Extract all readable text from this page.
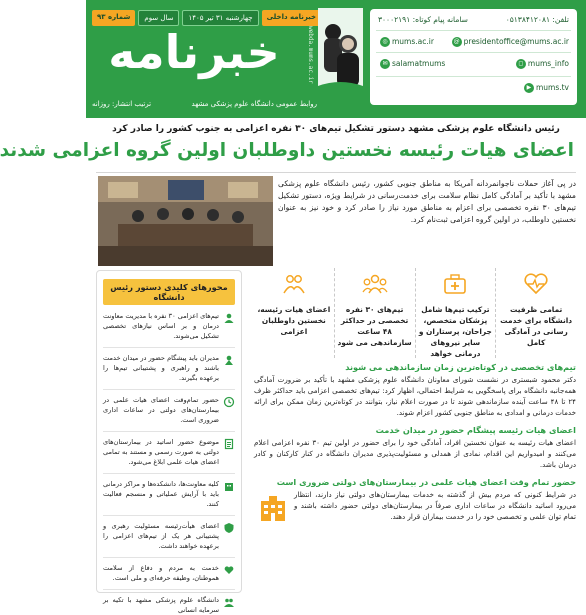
خبرنامه داخلی
چهارشنبه ۳۱ تیر ۱۴۰۵
سال سوم
شماره ۹۳
خبرنامه	webda.mums.ac.ir
روابط عمومی دانشگاه علوم پزشکی مشهد
ترتیب انتشار: روزانه
تلفن: ۰۵۱۳۸۴۱۲۰۸۱
سامانه پیام کوتاه: ۳۰۰۰۲۱۹۱
@ presidentoffice@mums.ac.ir
◎ mums.ac.ir
◻ mums_info
✉ salamatmums
▶ mums.tv
رئیس دانشگاه علوم پزشکی مشهد دستور تشکیل تیم‌های ۳۰ نفره اعزامی به جنوب کشور را صادر کرد
اعضای هیات رئیسه نخستین داوطلبان اولین گروه اعزامی شدند
در پی آغاز حملات ناجوانمردانه آمریکا به مناطق جنوبی کشور، رئیس دانشگاه علوم پزشکی مشهد با تأکید بر آمادگی کامل نظام سلامت برای خدمت‌رسانی در شرایط ویژه، دستور تشکیل تیم‌های ۳۰ نفره تخصصی برای اعزام به مناطق مورد نیاز را صادر کرد و خود نیز به عنوان نخستین داوطلب، در اولین گروه اعزامی ثبت‌نام کرد.
تمامی ظرفیت دانشگاه برای خدمت رسانی در آمادگی کامل
ترکیب تیم‌ها شامل پزشکان متخصص، جراحان، پرستاران و سایر نیروهای درمانی خواهد
تیم‌های ۳۰ نفره تخصصی در حداکثر ۴۸ ساعت سازماندهی می شود
اعضای هیات رئیسه، نخستین داوطلبان اعزامی
محورهای کلیدی دستور رئیس دانشگاه
تیم‌های اعزامی ۳۰ نفره با مدیریت معاونت درمان و بر اساس نیازهای تخصصی تشکیل می‌شوند.
مدیران باید پیشگام حضور در میدان خدمت باشند و راهبری و پشتیبانی تیم‌ها را برعهده بگیرند.
حضور تمام‌وقت اعضای هیات علمی در بیمارستان‌های دولتی در ساعات اداری ضروری است.
موضوع حضور اساتید در بیمارستان‌های دولتی به صورت رسمی و مستند به تمامی اعضای هیات علمی ابلاغ می‌شود.
کلیه معاونت‌ها، دانشکده‌ها و مراکز درمانی باید با آرایش عملیاتی و منسجم فعالیت کنند.
اعضای هیأت‌رئیسه مسئولیت رهبری و پشتیبانی هر یک از تیم‌های اعزامی را برعهده خواهند داشت.
خدمت به مردم و دفاع از سلامت هموطنان، وظیفه حرفه‌ای و ملی است.
دانشگاه علوم پزشکی مشهد با تکیه بر سرمایه انسانی
تیم‌های تخصصی در کوتاه‌ترین زمان سازماندهی می‌ شوند
دکتر محمود شبستری در نشست شورای معاونان دانشگاه علوم پزشکی مشهد با تأکید بر ضرورت آمادگی همه‌جانبه دانشگاه برای پاسخگویی به شرایط احتمالی، اظهار کرد: تیم‌های تخصصی اعزامی باید حداکثر ظرف ۲۴ تا ۴۸ ساعت آینده سازماندهی شوند تا در صورت اعلام نیاز، بتوانند در کوتاه‌ترین زمان ممکن برای ارائه خدمات درمانی و امدادی به مناطق جنوبی کشور اعزام شوند.
اعضای هیات رئیسه پیشگام حضور در میدان خدمت
اعضای هیات رئیسه به عنوان نخستین افراد، آمادگی خود را برای حضور در اولین تیم ۳۰ نفره اعزامی اعلام می‌کنند و امیدواریم این اقدام، نمادی از همدلی و مسئولیت‌پذیری مدیران دانشگاه در کنار کارکنان و کادر درمان باشد.
حضور تمام وقت اعضای هیات علمی در بیمارستان‌های دولتی ضروری است
در شرایط کنونی که مردم بیش از گذشته به خدمات بیمارستان‌های دولتی نیاز دارند، انتظار می‌رود اساتید دانشگاه در ساعات اداری صرفاً در بیمارستان‌های دولتی حضور داشته باشند و تمام توان علمی و تخصصی خود را در خدمت بیماران قرار دهند.
